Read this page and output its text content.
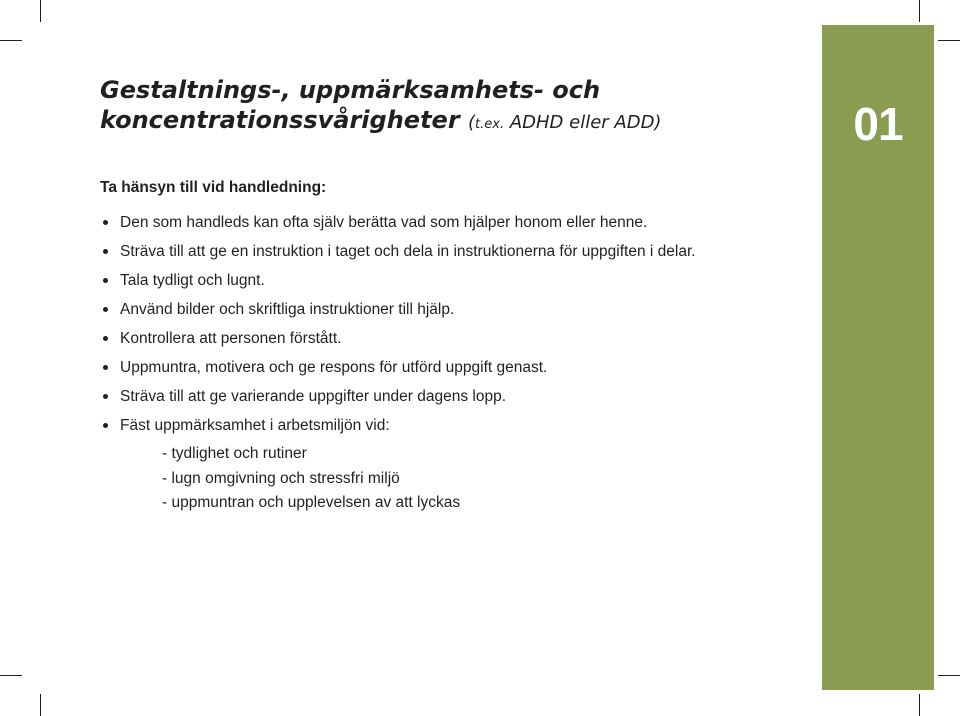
01
Gestaltnings-, uppmärksamhets- och
koncentrationssvårigheter (t.ex. ADHD eller ADD)

Ta hänsyn till vid handledning:

Den som handleds kan ofta själv berätta vad som hjälper honom eller henne.
Sträva till att ge en instruktion i taget och dela in instruktionerna för uppgiften i delar.
Tala tydligt och lugnt.
Använd bilder och skriftliga instruktioner till hjälp.
Kontrollera att personen förstått.
Uppmuntra, motivera och ge respons för utförd uppgift genast.
Sträva till att ge varierande uppgifter under dagens lopp.
Fäst uppmärksamhet i arbetsmiljön vid:
- tydlighet och rutiner
- lugn omgivning och stressfri miljö
- uppmuntran och upplevelsen av att lyckas
